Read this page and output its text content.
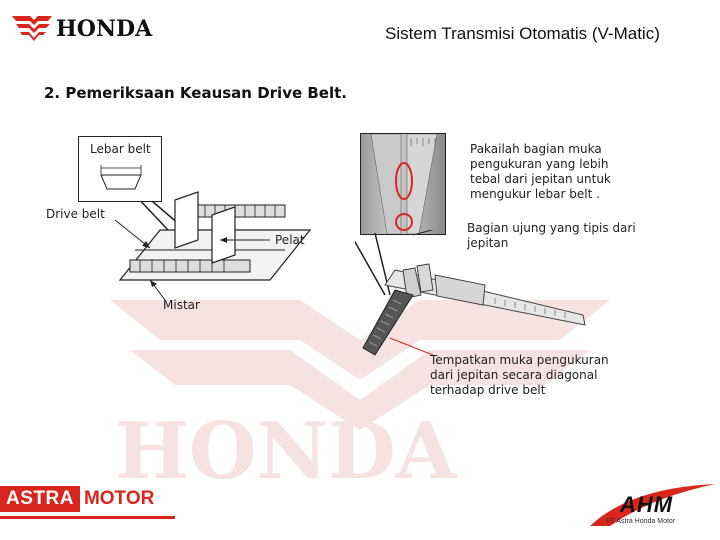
HONDA
HONDA	Sistem Transmisi Otomatis (V-Matic)
2. Pemeriksaan Keausan Drive Belt.
Lebar belt
Drive belt
Pelat
Mistar
Pakailah bagian muka pengukuran yang lebih tebal dari jepitan untuk mengukur lebar belt .
Bagian ujung yang tipis dari jepitan
Tempatkan muka pengukuran dari jepitan secara diagonal terhadap drive belt
ASTRA MOTOR	AHM
PT Astra Honda Motor
